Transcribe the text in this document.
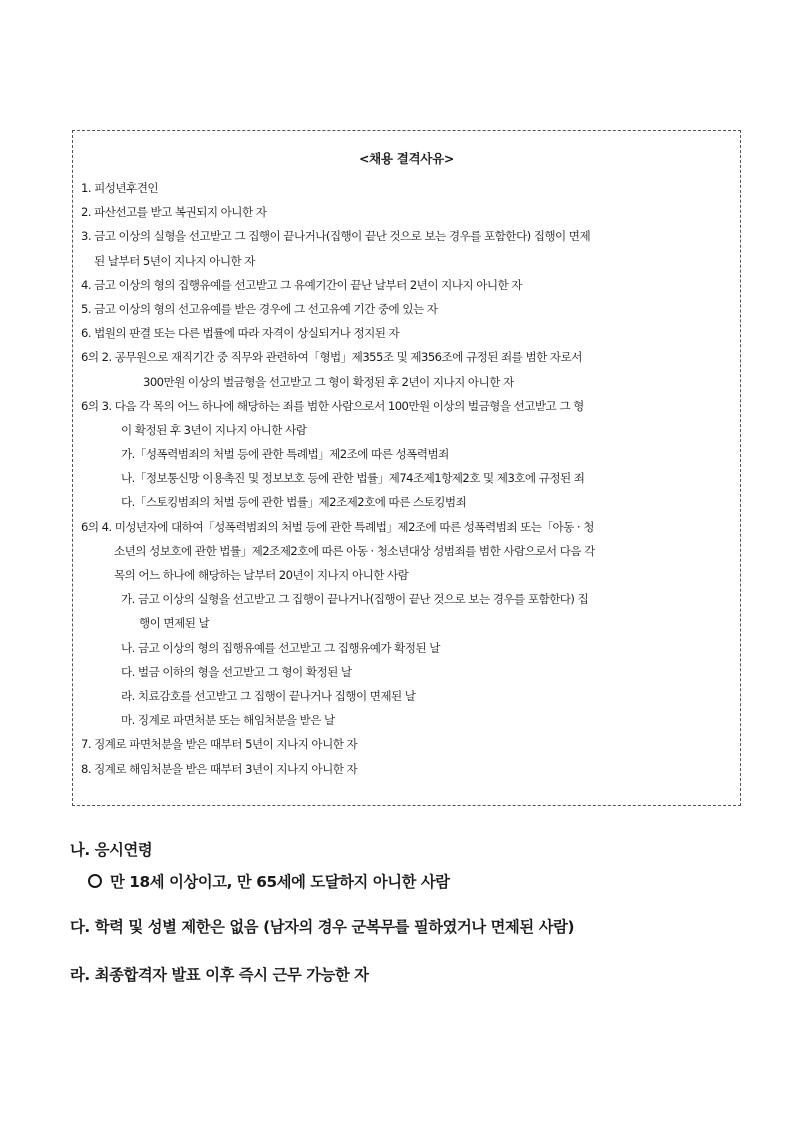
<채용 결격사유>
1. 피성년후견인
2. 파산선고를 받고 복권되지 아니한 자
3. 금고 이상의 실형을 선고받고 그 집행이 끝나거나(집행이 끝난 것으로 보는 경우를 포함한다) 집행이 면제
된 날부터 5년이 지나지 아니한 자
4. 금고 이상의 형의 집행유예를 선고받고 그 유예기간이 끝난 날부터 2년이 지나지 아니한 자
5. 금고 이상의 형의 선고유예를 받은 경우에 그 선고유예 기간 중에 있는 자
6. 법원의 판결 또는 다른 법률에 따라 자격이 상실되거나 정지된 자
6의 2. 공무원으로 재직기간 중 직무와 관련하여「형법」제355조 및 제356조에 규정된 죄를 범한 자로서
300만원 이상의 벌금형을 선고받고 그 형이 확정된 후 2년이 지나지 아니한 자
6의 3. 다음 각 목의 어느 하나에 해당하는 죄를 범한 사람으로서 100만원 이상의 벌금형을 선고받고 그 형
이 확정된 후 3년이 지나지 아니한 사람
가.「성폭력범죄의 처벌 등에 관한 특례법」제2조에 따른 성폭력범죄
나.「정보통신망 이용촉진 및 정보보호 등에 관한 법률」제74조제1항제2호 및 제3호에 규정된 죄
다.「스토킹범죄의 처벌 등에 관한 법률」제2조제2호에 따른 스토킹범죄
6의 4. 미성년자에 대하여「성폭력범죄의 처벌 등에 관한 특례법」제2조에 따른 성폭력범죄 또는「아동 · 청
소년의 성보호에 관한 법률」제2조제2호에 따른 아동 · 청소년대상 성범죄를 범한 사람으로서 다음 각
목의 어느 하나에 해당하는 날부터 20년이 지나지 아니한 사람
가. 금고 이상의 실형을 선고받고 그 집행이 끝나거나(집행이 끝난 것으로 보는 경우를 포함한다) 집
행이 면제된 날
나. 금고 이상의 형의 집행유예를 선고받고 그 집행유예가 확정된 날
다. 벌금 이하의 형을 선고받고 그 형이 확정된 날
라. 치료감호를 선고받고 그 집행이 끝나거나 집행이 면제된 날
마. 징계로 파면처분 또는 해임처분을 받은 날
7. 징계로 파면처분을 받은 때부터 5년이 지나지 아니한 자
8. 징계로 해임처분을 받은 때부터 3년이 지나지 아니한 자
나. 응시연령
만 18세 이상이고, 만 65세에 도달하지 아니한 사람
다. 학력 및 성별 제한은 없음 (남자의 경우 군복무를 필하였거나 면제된 사람)
라. 최종합격자 발표 이후 즉시 근무 가능한 자
